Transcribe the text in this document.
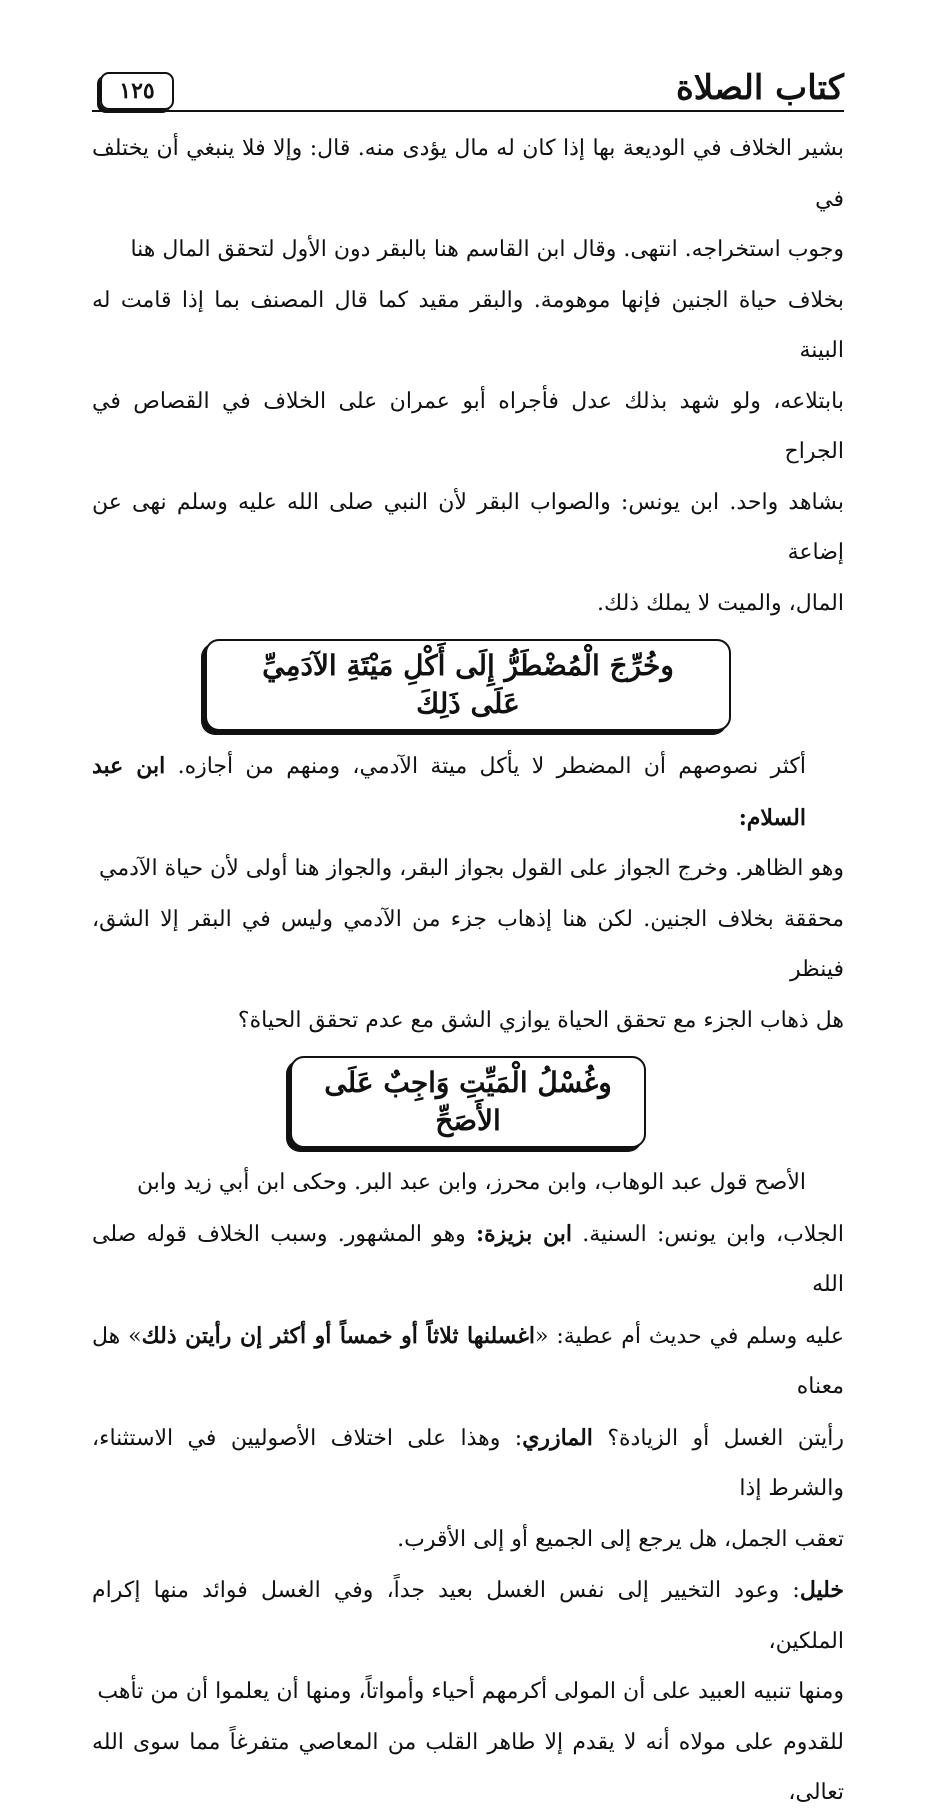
كتاب الصلاة
١٢٥

بشير الخلاف في الوديعة بها إذا كان له مال يؤدى منه. قال: وإلا فلا ينبغي أن يختلف في

وجوب استخراجه. انتهى. وقال ابن القاسم هنا بالبقر دون الأول لتحقق المال هنا

بخلاف حياة الجنين فإنها موهومة. والبقر مقيد كما قال المصنف بما إذا قامت له البينة

بابتلاعه، ولو شهد بذلك عدل فأجراه أبو عمران على الخلاف في القصاص في الجراح

بشاهد واحد. ابن يونس: والصواب البقر لأن النبي صلى الله عليه وسلم نهى عن إضاعة

المال، والميت لا يملك ذلك.

وخُرِّجَ الْمُضْطَرُّ إِلَى أَكْلِ مَيْتَةِ الآدَمِيِّ عَلَى ذَلِكَ

أكثر نصوصهم أن المضطر لا يأكل ميتة الآدمي، ومنهم من أجازه. ابن عبد السلام:

وهو الظاهر. وخرج الجواز على القول بجواز البقر، والجواز هنا أولى لأن حياة الآدمي

محققة بخلاف الجنين. لكن هنا إذهاب جزء من الآدمي وليس في البقر إلا الشق، فينظر

هل ذهاب الجزء مع تحقق الحياة يوازي الشق مع عدم تحقق الحياة؟

وغُسْلُ الْمَيِّتِ وَاجِبٌ عَلَى الأَصَحِّ

الأصح قول عبد الوهاب، وابن محرز، وابن عبد البر. وحكى ابن أبي زيد وابن

الجلاب، وابن يونس: السنية. ابن بزيزة: وهو المشهور. وسبب الخلاف قوله صلى الله

عليه وسلم في حديث أم عطية: «اغسلنها ثلاثاً أو خمساً أو أكثر إن رأيتن ذلك» هل معناه

رأيتن الغسل أو الزيادة؟ المازري: وهذا على اختلاف الأصوليين في الاستثناء، والشرط إذا

تعقب الجمل، هل يرجع إلى الجميع أو إلى الأقرب.

خليل: وعود التخيير إلى نفس الغسل بعيد جداً، وفي الغسل فوائد منها إكرام الملكين،

ومنها تنبيه العبيد على أن المولى أكرمهم أحياء وأمواتاً، ومنها أن يعلموا أن من تأهب

للقدوم على مولاه أنه لا يقدم إلا طاهر القلب من المعاصي متفرغاً مما سوى الله تعالى،
